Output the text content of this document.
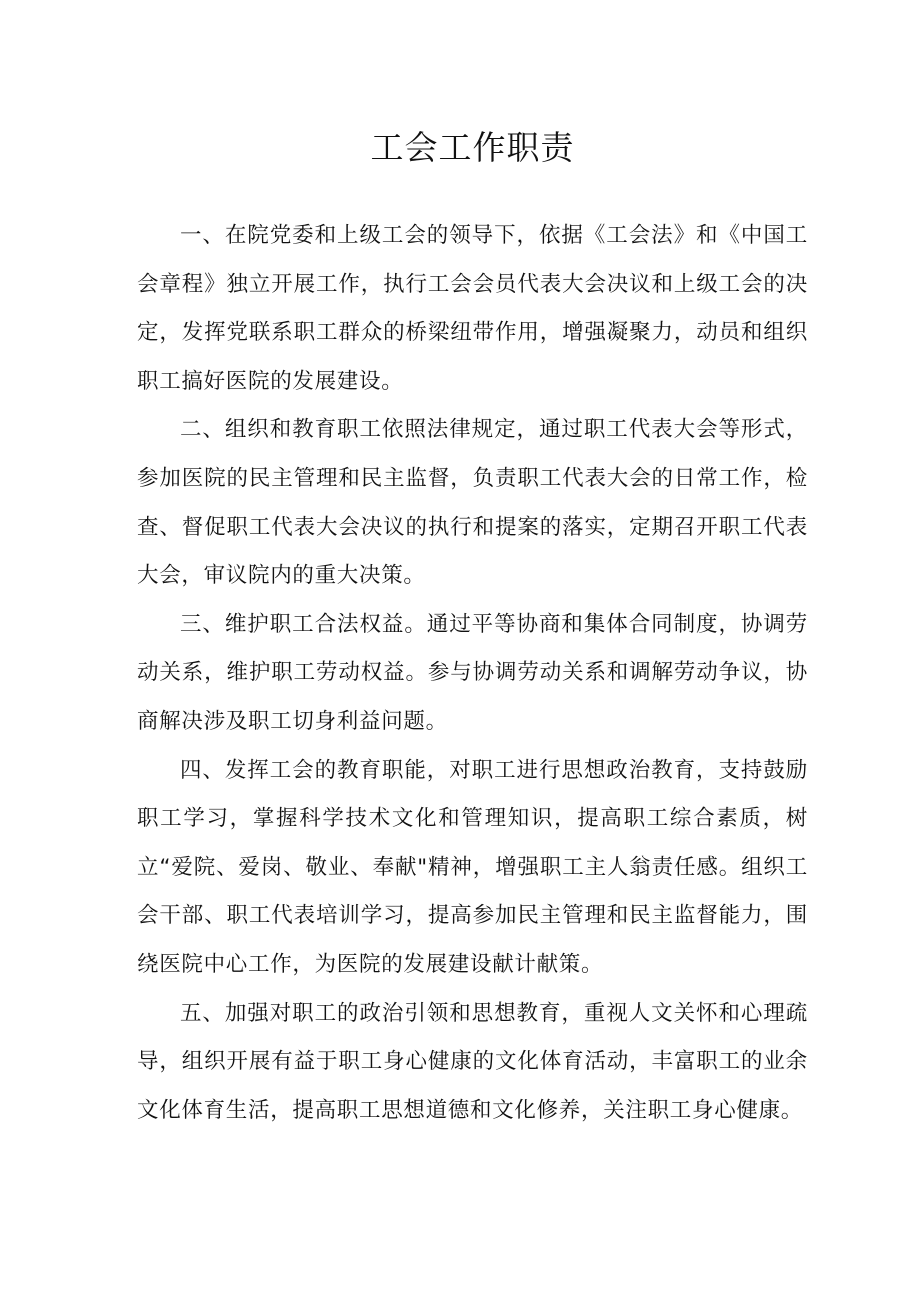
工会工作职责

一、在院党委和上级工会的领导下，依据《工会法》和《中国工会章程》独立开展工作，执行工会会员代表大会决议和上级工会的决定，发挥党联系职工群众的桥梁纽带作用，增强凝聚力，动员和组织职工搞好医院的发展建设。

二、组织和教育职工依照法律规定，通过职工代表大会等形式，参加医院的民主管理和民主监督，负责职工代表大会的日常工作，检查、督促职工代表大会决议的执行和提案的落实，定期召开职工代表大会，审议院内的重大决策。

三、维护职工合法权益。通过平等协商和集体合同制度，协调劳动关系，维护职工劳动权益。参与协调劳动关系和调解劳动争议，协商解决涉及职工切身利益问题。

四、发挥工会的教育职能，对职工进行思想政治教育，支持鼓励职工学习，掌握科学技术文化和管理知识，提高职工综合素质，树立“爱院、爱岗、敬业、奉献"精神，增强职工主人翁责任感。组织工会干部、职工代表培训学习，提高参加民主管理和民主监督能力，围绕医院中心工作，为医院的发展建设献计献策。

五、加强对职工的政治引领和思想教育，重视人文关怀和心理疏导，组织开展有益于职工身心健康的文化体育活动，丰富职工的业余文化体育生活，提高职工思想道德和文化修养，关注职工身心健康。
